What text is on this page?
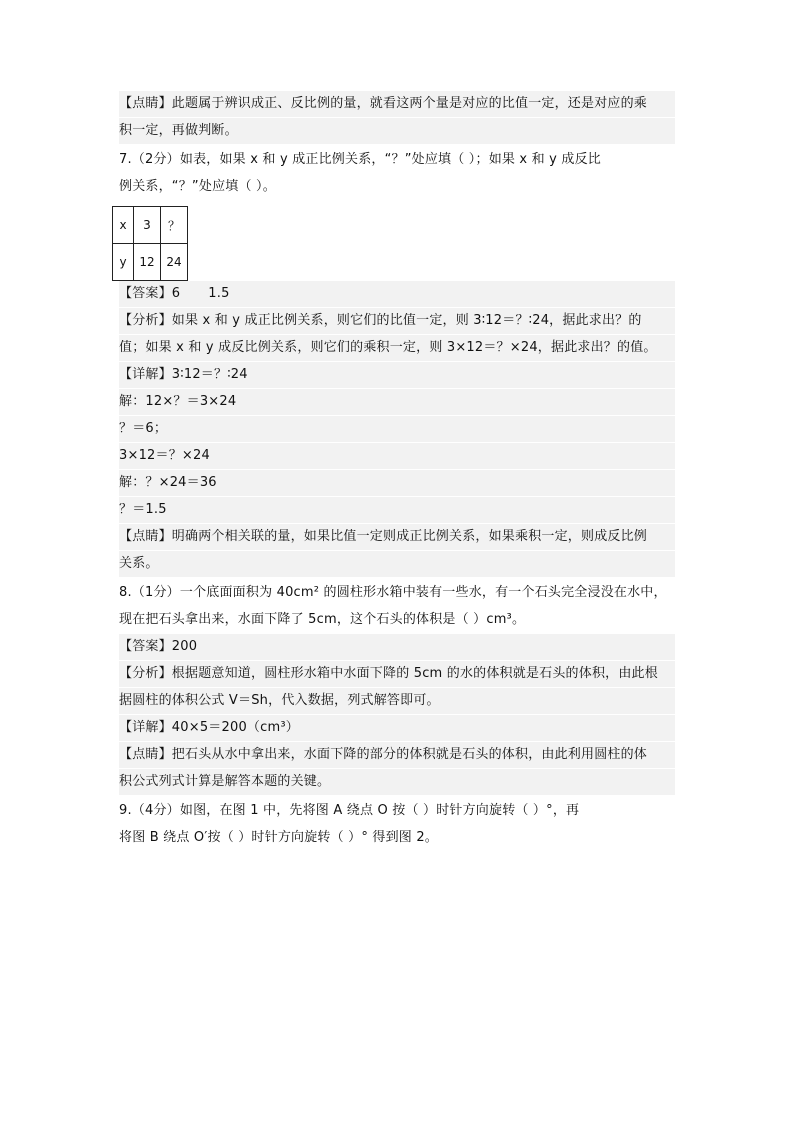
【点睛】此题属于辨识成正、反比例的量，就看这两个量是对应的比值一定，还是对应的乘
积一定，再做判断。
7.（2分）如表，如果 x 和 y 成正比例关系，“？”处应填（ ）；如果 x 和 y 成反比
例关系，“？”处应填（ ）。
x	3	？
y	12	24
【答案】6 1.5
【分析】如果 x 和 y 成正比例关系，则它们的比值一定，则 3∶12＝？∶24，据此求出？的
值；如果 x 和 y 成反比例关系，则它们的乘积一定，则 3×12＝？×24，据此求出？的值。
【详解】3∶12＝？∶24
解：12×？＝3×24
？＝6；
3×12＝？×24
解：？×24＝36
？＝1.5
【点睛】明确两个相关联的量，如果比值一定则成正比例关系，如果乘积一定，则成反比例
关系。
8.（1分）一个底面面积为 40cm² 的圆柱形水箱中装有一些水，有一个石头完全浸没在水中，
现在把石头拿出来，水面下降了 5cm，这个石头的体积是（ ）cm³。
【答案】200
【分析】根据题意知道，圆柱形水箱中水面下降的 5cm 的水的体积就是石头的体积，由此根
据圆柱的体积公式 V＝Sh，代入数据，列式解答即可。
【详解】40×5＝200（cm³）
【点睛】把石头从水中拿出来，水面下降的部分的体积就是石头的体积，由此利用圆柱的体
积公式列式计算是解答本题的关键。
9.（4分）如图，在图 1 中，先将图 A 绕点 O 按（ ）时针方向旋转（ ）°，再
将图 B 绕点 O′按（ ）时针方向旋转（ ）° 得到图 2。
